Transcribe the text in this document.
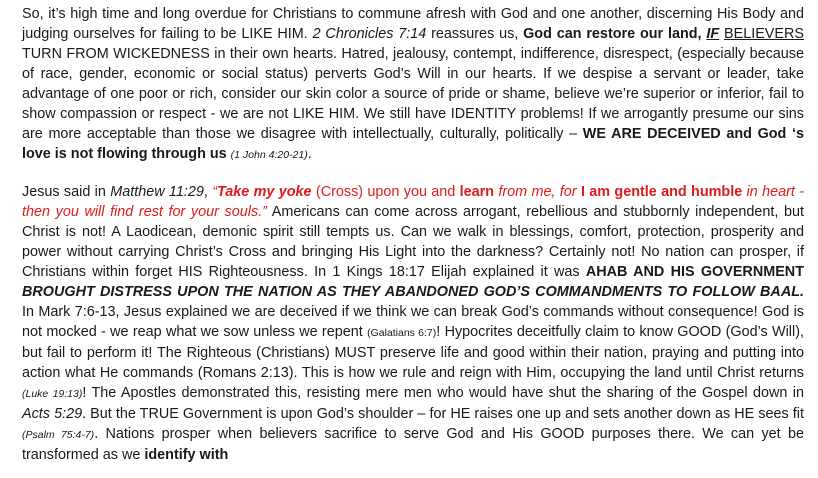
So, it’s high time and long overdue for Christians to commune afresh with God and one another, discerning His Body and judging ourselves for failing to be LIKE HIM. 2 Chronicles 7:14 reassures us, God can restore our land, IF BELIEVERS TURN FROM WICKEDNESS in their own hearts. Hatred, jealousy, contempt, indifference, disrespect, (especially because of race, gender, economic or social status) perverts God’s Will in our hearts. If we despise a servant or leader, take advantage of one poor or rich, consider our skin color a source of pride or shame, believe we’re superior or inferior, fail to show compassion or respect - we are not LIKE HIM. We still have IDENTITY problems! If we arrogantly presume our sins are more acceptable than those we disagree with intellectually, culturally, politically – WE ARE DECEIVED and God ‘s love is not flowing through us (1 John 4:20-21).

Jesus said in Matthew 11:29, “Take my yoke (Cross) upon you and learn from me, for I am gentle and humble in heart - then you will find rest for your souls.” Americans can come across arrogant, rebellious and stubbornly independent, but Christ is not! A Laodicean, demonic spirit still tempts us. Can we walk in blessings, comfort, protection, prosperity and power without carrying Christ’s Cross and bringing His Light into the darkness? Certainly not! No nation can prosper, if Christians within forget HIS Righteousness. In 1 Kings 18:17 Elijah explained it was AHAB AND HIS GOVERNMENT BROUGHT DISTRESS UPON THE NATION AS THEY ABANDONED GOD’S COMMANDMENTS TO FOLLOW BAAL. In Mark 7:6-13, Jesus explained we are deceived if we think we can break God’s commands without consequence! God is not mocked - we reap what we sow unless we repent (Galatians 6:7)! Hypocrites deceitfully claim to know GOOD (God’s Will), but fail to perform it! The Righteous (Christians) MUST preserve life and good within their nation, praying and putting into action what He commands (Romans 2:13). This is how we rule and reign with Him, occupying the land until Christ returns (Luke 19:13)! The Apostles demonstrated this, resisting mere men who would have shut the sharing of the Gospel down in Acts 5:29. But the TRUE Government is upon God’s shoulder – for HE raises one up and sets another down as HE sees fit (Psalm 75:4-7). Nations prosper when believers sacrifice to serve God and His GOOD purposes there. We can yet be transformed as we identify with
